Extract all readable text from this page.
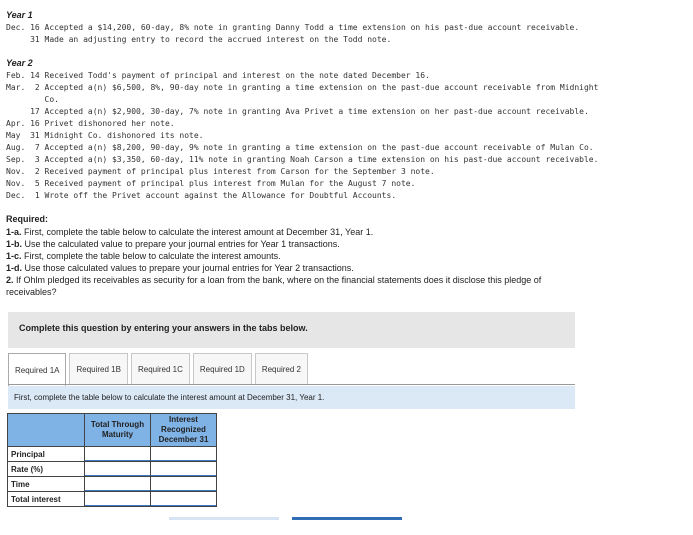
Year 1
Dec. 16 Accepted a $14,200, 60-day, 8% note in granting Danny Todd a time extension on his past-due account receivable.
31 Made an adjusting entry to record the accrued interest on the Todd note.
Year 2
Feb. 14 Received Todd's payment of principal and interest on the note dated December 16.
Mar.  2 Accepted a(n) $6,500, 8%, 90-day note in granting a time extension on the past-due account receivable from Midnight
Co.
17 Accepted a(n) $2,900, 30-day, 7% note in granting Ava Privet a time extension on her past-due account receivable.
Apr. 16 Privet dishonored her note.
May  31 Midnight Co. dishonored its note.
Aug.  7 Accepted a(n) $8,200, 90-day, 9% note in granting a time extension on the past-due account receivable of Mulan Co.
Sep.  3 Accepted a(n) $3,350, 60-day, 11% note in granting Noah Carson a time extension on his past-due account receivable.
Nov.  2 Received payment of principal plus interest from Carson for the September 3 note.
Nov.  5 Received payment of principal plus interest from Mulan for the August 7 note.
Dec.  1 Wrote off the Privet account against the Allowance for Doubtful Accounts.
Required:
1-a. First, complete the table below to calculate the interest amount at December 31, Year 1.
1-b. Use the calculated value to prepare your journal entries for Year 1 transactions.
1-c. First, complete the table below to calculate the interest amounts.
1-d. Use those calculated values to prepare your journal entries for Year 2 transactions.
2. If Ohlm pledged its receivables as security for a loan from the bank, where on the financial statements does it disclose this pledge of
receivables?
Complete this question by entering your answers in the tabs below.
Required 1A	Required 1B	Required 1C	Required 1D	Required 2
First, complete the table below to calculate the interest amount at December 31, Year 1.
	Total Through Maturity	Interest Recognized December 31
Principal		
Rate (%)		
Time		
Total interest		
